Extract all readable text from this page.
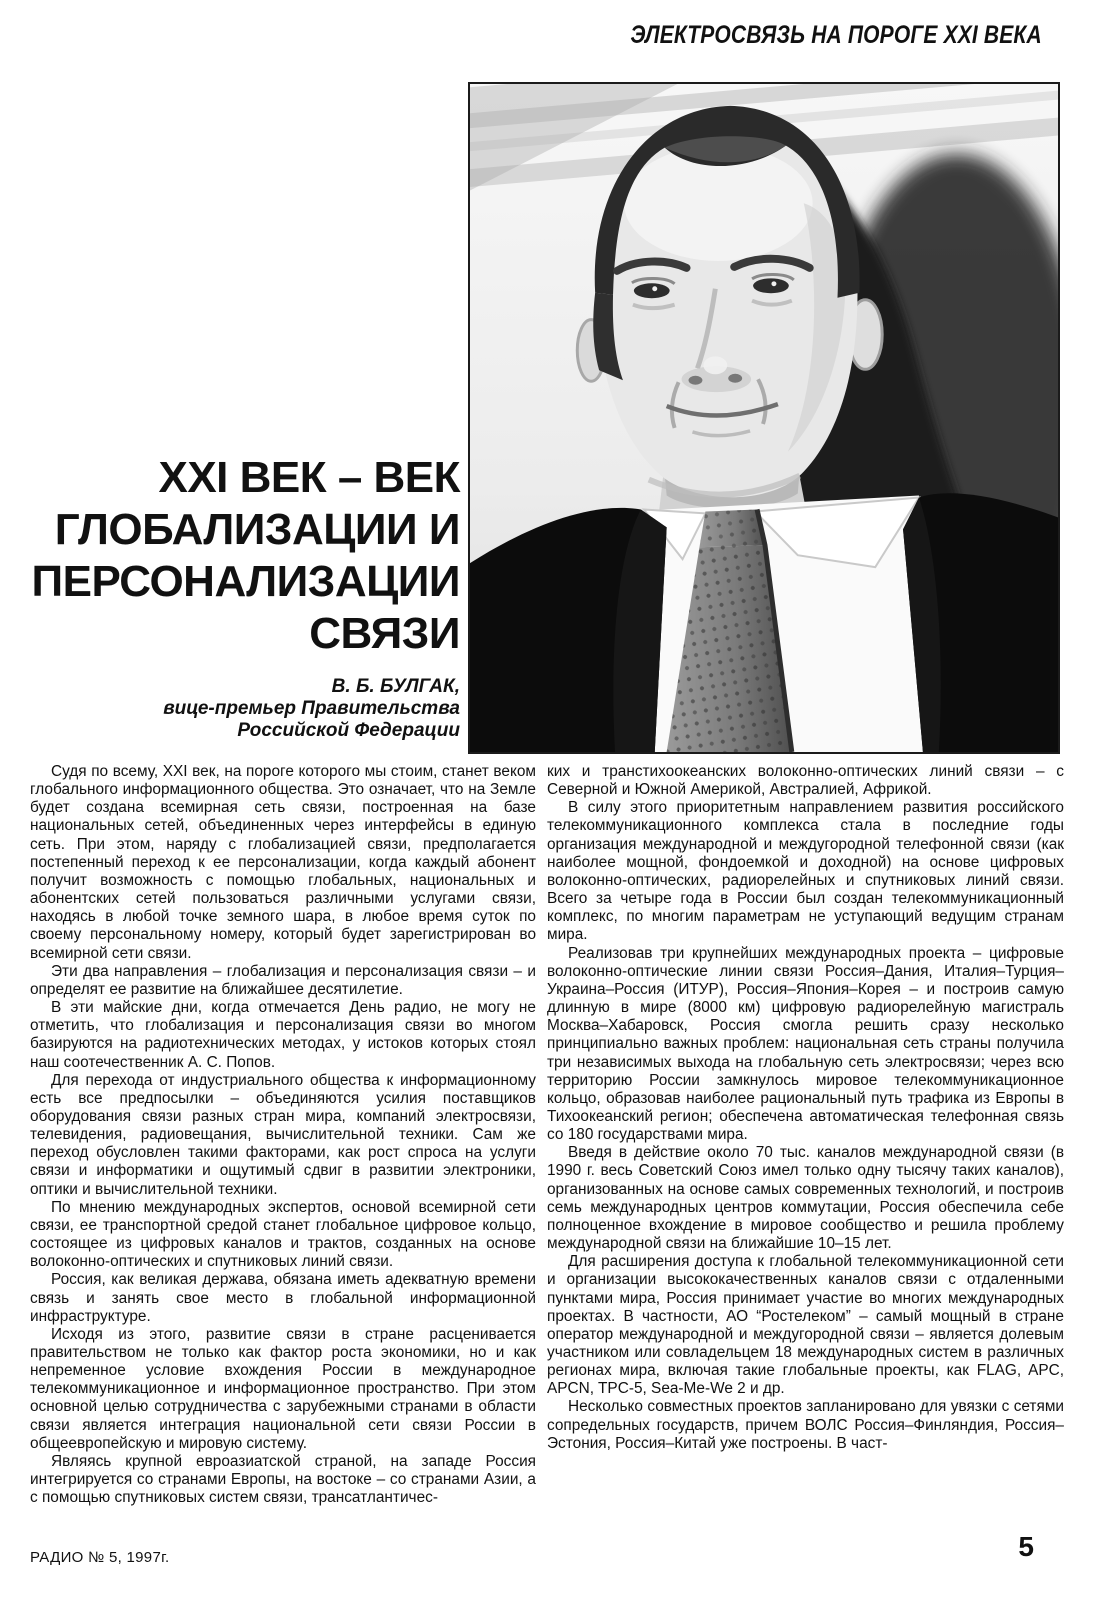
ЭЛЕКТРОСВЯЗЬ НА ПОРОГЕ XXI ВЕКА

XXI ВЕК – ВЕК
ГЛОБАЛИЗАЦИИ И
ПЕРСОНАЛИЗАЦИИ
СВЯЗИ
В. Б. БУЛГАК,
вице-премьер Правительства
Российской Федерации

Судя по всему, XXI век, на пороге которого мы стоим, станет веком глобального информационного общества. Это означает, что на Земле будет создана всемирная сеть связи, построенная на базе национальных сетей, объединенных через интерфейсы в единую сеть. При этом, наряду с глобализацией связи, предполагается постепенный переход к ее персонализации, когда каждый абонент получит возможность с помощью глобальных, национальных и абонентских сетей пользоваться различными услугами связи, находясь в любой точке земного шара, в любое время суток по своему персональному номеру, который будет зарегистрирован во всемирной сети связи.

Эти два направления – глобализация и персонализация связи – и определят ее развитие на ближайшее десятилетие.

В эти майские дни, когда отмечается День радио, не могу не отметить, что глобализация и персонализация связи во многом базируются на радиотехнических методах, у истоков которых стоял наш соотечественник А. С. Попов.

Для перехода от индустриального общества к информационному есть все предпосылки – объединяются усилия поставщиков оборудования связи разных стран мира, компаний электросвязи, телевидения, радиовещания, вычислительной техники. Сам же переход обусловлен такими факторами, как рост спроса на услуги связи и информатики и ощутимый сдвиг в развитии электроники, оптики и вычислительной техники.

По мнению международных экспертов, основой всемирной сети связи, ее транспортной средой станет глобальное цифровое кольцо, состоящее из цифровых каналов и трактов, созданных на основе волоконно-оптических и спутниковых линий связи.

Россия, как великая держава, обязана иметь адекватную времени связь и занять свое место в глобальной информационной инфраструктуре.

Исходя из этого, развитие связи в стране расценивается правительством не только как фактор роста экономики, но и как непременное условие вхождения России в международное телекоммуникационное и информационное пространство. При этом основной целью сотрудничества с зарубежными странами в области связи является интеграция национальной сети связи России в общеевропейскую и мировую систему.

Являясь крупной евроазиатской страной, на западе Россия интегрируется со странами Европы, на востоке – со странами Азии, а с помощью спутниковых систем связи, трансатлантичес-

ких и транстихоокеанских волоконно-оптических линий связи – с Северной и Южной Америкой, Австралией, Африкой.

В силу этого приоритетным направлением развития российского телекоммуникационного комплекса стала в последние годы организация международной и междугородной телефонной связи (как наиболее мощной, фондоемкой и доходной) на основе цифровых волоконно-оптических, радиорелейных и спутниковых линий связи. Всего за четыре года в России был создан телекоммуникационный комплекс, по многим параметрам не уступающий ведущим странам мира.

Реализовав три крупнейших международных проекта – цифровые волоконно-оптические линии связи Россия–Дания, Италия–Турция–Украина–Россия (ИТУР), Россия–Япония–Корея – и построив самую длинную в мире (8000 км) цифровую радиорелейную магистраль Москва–Хабаровск, Россия смогла решить сразу несколько принципиально важных проблем: национальная сеть страны получила три независимых выхода на глобальную сеть электросвязи; через всю территорию России замкнулось мировое телекоммуникационное кольцо, образовав наиболее рациональный путь трафика из Европы в Тихоокеанский регион; обеспечена автоматическая телефонная связь со 180 государствами мира.

Введя в действие около 70 тыс. каналов международной связи (в 1990 г. весь Советский Союз имел только одну тысячу таких каналов), организованных на основе самых современных технологий, и построив семь международных центров коммутации, Россия обеспечила себе полноценное вхождение в мировое сообщество и решила проблему международной связи на ближайшие 10–15 лет.

Для расширения доступа к глобальной телекоммуникационной сети и организации высококачественных каналов связи с отдаленными пунктами мира, Россия принимает участие во многих международных проектах. В частности, АО “Ростелеком” – самый мощный в стране оператор международной и междугородной связи – является долевым участником или совладельцем 18 международных систем в различных регионах мира, включая такие глобальные проекты, как FLAG, APC, APCN, TPC-5, Sea-Me-We 2 и др.

Несколько совместных проектов запланировано для увязки с сетями сопредельных государств, причем ВОЛС Россия–Финляндия, Россия–Эстония, Россия–Китай уже построены. В част-

РАДИО № 5, 1997г.	5
